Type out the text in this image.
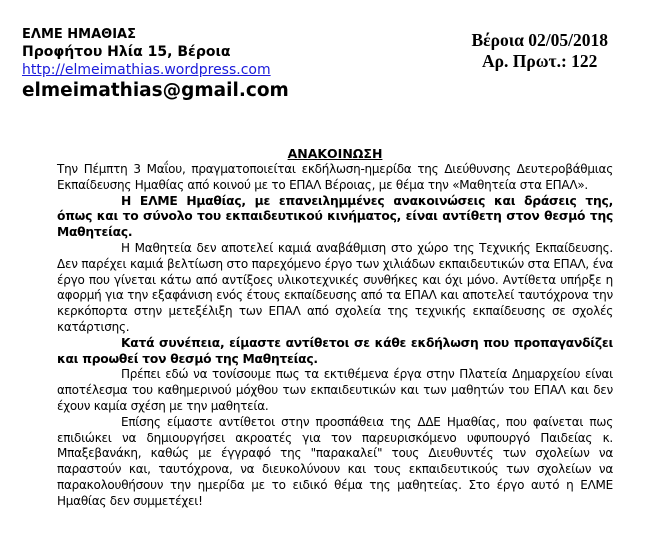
ΕΛΜΕ ΗΜΑΘΙΑΣ
Προφήτου Ηλία 15, Βέροια
http://elmeimathias.wordpress.com
elmeimathias@gmail.com
Βέροια 02/05/2018
Αρ. Πρωτ.: 122
ΑΝΑΚΟΙΝΩΣΗ

Την Πέμπτη 3 Μαΐου, πραγματοποιείται εκδήλωση-ημερίδα της Διεύθυνσης Δευτεροβάθμιας Εκπαίδευσης Ημαθίας από κοινού με το ΕΠΑΛ Βέροιας, με θέμα την «Μαθητεία στα ΕΠΑΛ».

Η ΕΛΜΕ Ημαθίας, με επανειλημμένες ανακοινώσεις και δράσεις της, όπως και το σύνολο του εκπαιδευτικού κινήματος, είναι αντίθετη στον θεσμό της Μαθητείας.

Η Μαθητεία δεν αποτελεί καμιά αναβάθμιση στο χώρο της Τεχνικής Εκπαίδευσης. Δεν παρέχει καμιά βελτίωση στο παρεχόμενο έργο των χιλιάδων εκπαιδευτικών στα ΕΠΑΛ, ένα έργο που γίνεται κάτω από αντίξοες υλικοτεχνικές συνθήκες και όχι μόνο. Αντίθετα υπήρξε η αφορμή για την εξαφάνιση ενός έτους εκπαίδευσης από τα ΕΠΑΛ και αποτελεί ταυτόχρονα την κερκόπορτα στην μετεξέλιξη των ΕΠΑΛ από σχολεία της τεχνικής εκπαίδευσης σε σχολές κατάρτισης.

Κατά συνέπεια, είμαστε αντίθετοι σε κάθε εκδήλωση που προπαγανδίζει και προωθεί τον θεσμό της Μαθητείας.

Πρέπει εδώ να τονίσουμε πως τα εκτιθέμενα έργα στην Πλατεία Δημαρχείου είναι αποτέλεσμα του καθημερινού μόχθου των εκπαιδευτικών και των μαθητών του ΕΠΑΛ και δεν έχουν καμία σχέση με την μαθητεία.

Επίσης είμαστε αντίθετοι στην προσπάθεια της ΔΔΕ Ημαθίας, που φαίνεται πως επιδιώκει να δημιουργήσει ακροατές για τον παρευρισκόμενο υφυπουργό Παιδείας κ. Μπαξεβανάκη, καθώς με έγγραφό της "παρακαλεί" τους Διευθυντές των σχολείων να παραστούν και, ταυτόχρονα, να διευκολύνουν και τους εκπαιδευτικούς των σχολείων να παρακολουθήσουν την ημερίδα με το ειδικό θέμα της μαθητείας. Στο έργο αυτό η ΕΛΜΕ Ημαθίας δεν συμμετέχει!
